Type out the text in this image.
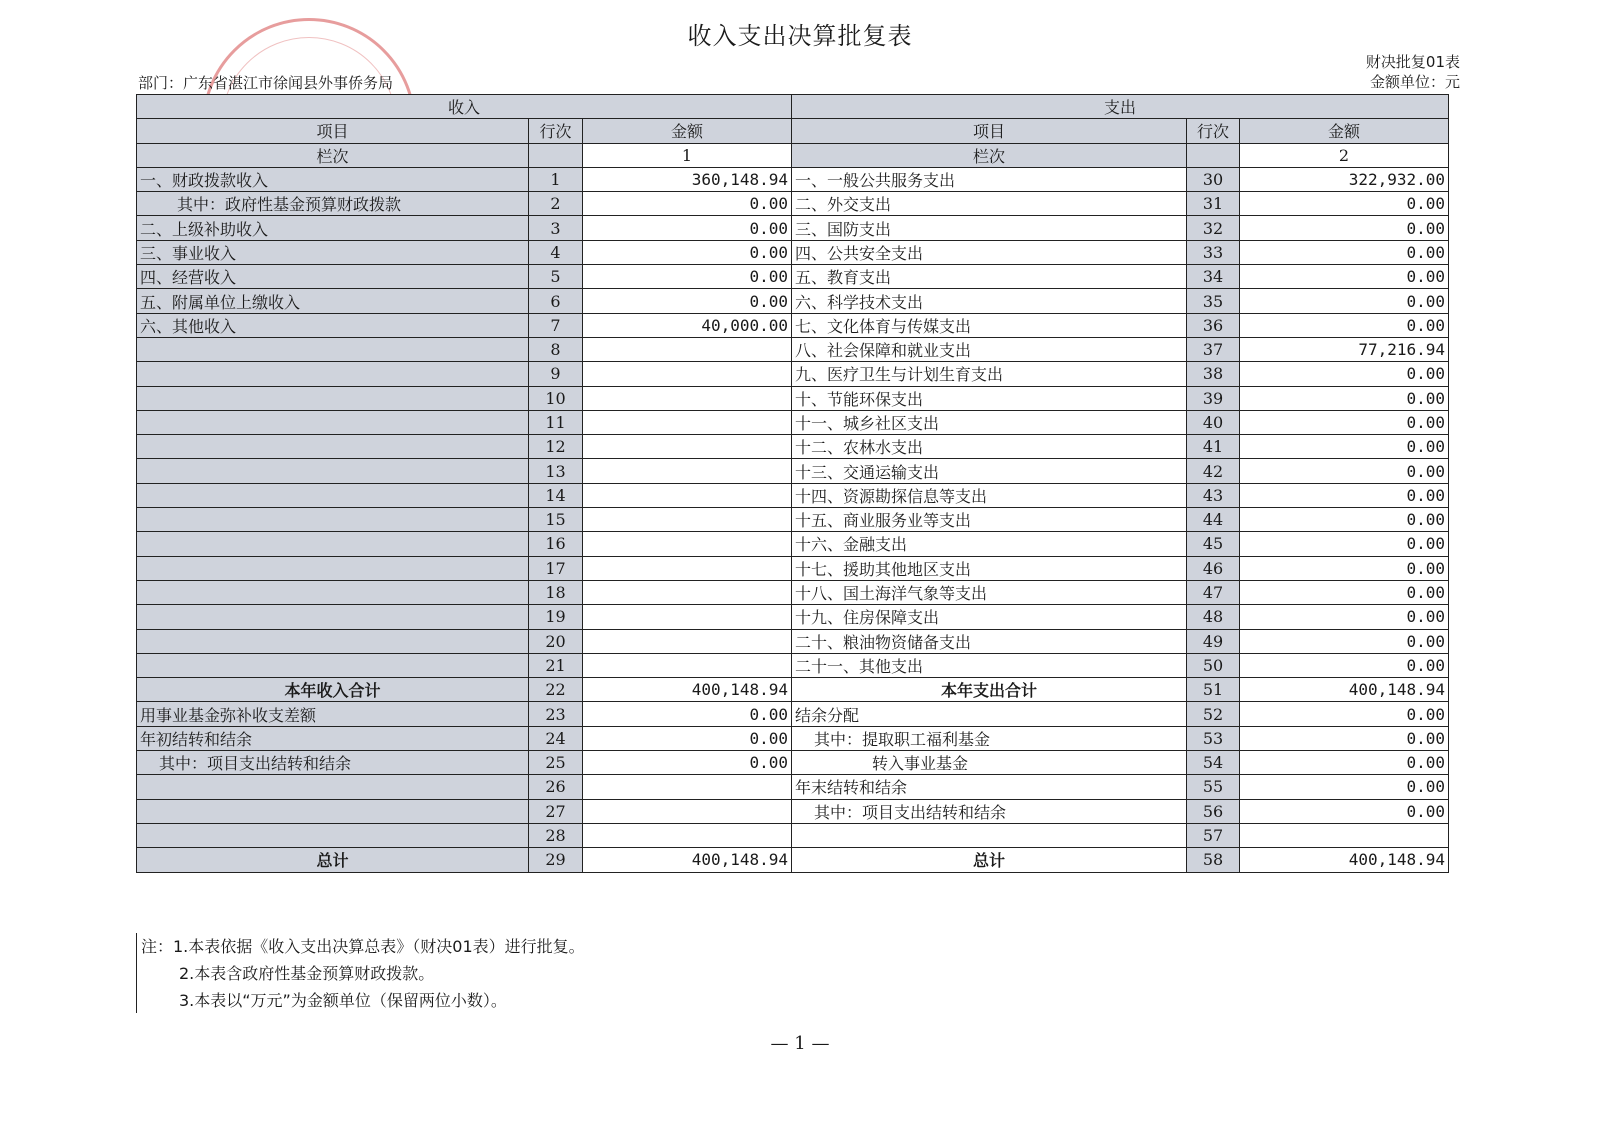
收入支出决算批复表
财决批复01表
金额单位：元
部门：广东省湛江市徐闻县外事侨务局
收入			支出		
项目	行次	金额	项目	行次	金额
栏次		1	栏次		2
一、财政拨款收入	1	360,148.94	一、一般公共服务支出	30	322,932.00
其中：政府性基金预算财政拨款	2	0.00	二、外交支出	31	0.00
二、上级补助收入	3	0.00	三、国防支出	32	0.00
三、事业收入	4	0.00	四、公共安全支出	33	0.00
四、经营收入	5	0.00	五、教育支出	34	0.00
五、附属单位上缴收入	6	0.00	六、科学技术支出	35	0.00
六、其他收入	7	40,000.00	七、文化体育与传媒支出	36	0.00
	8		八、社会保障和就业支出	37	77,216.94
	9		九、医疗卫生与计划生育支出	38	0.00
	10		十、节能环保支出	39	0.00
	11		十一、城乡社区支出	40	0.00
	12		十二、农林水支出	41	0.00
	13		十三、交通运输支出	42	0.00
	14		十四、资源勘探信息等支出	43	0.00
	15		十五、商业服务业等支出	44	0.00
	16		十六、金融支出	45	0.00
	17		十七、援助其他地区支出	46	0.00
	18		十八、国土海洋气象等支出	47	0.00
	19		十九、住房保障支出	48	0.00
	20		二十、粮油物资储备支出	49	0.00
	21		二十一、其他支出	50	0.00
本年收入合计	22	400,148.94	本年支出合计	51	400,148.94
用事业基金弥补收支差额	23	0.00	结余分配	52	0.00
年初结转和结余	24	0.00	其中：提取职工福利基金	53	0.00
其中：项目支出结转和结余	25	0.00	转入事业基金	54	0.00
	26		年末结转和结余	55	0.00
	27		其中：项目支出结转和结余	56	0.00
	28			57	
总计	29	400,148.94	总计	58	400,148.94
注：1.本表依据《收入支出决算总表》（财决01表）进行批复。
2.本表含政府性基金预算财政拨款。
3.本表以“万元”为金额单位（保留两位小数）。
— 1 —
